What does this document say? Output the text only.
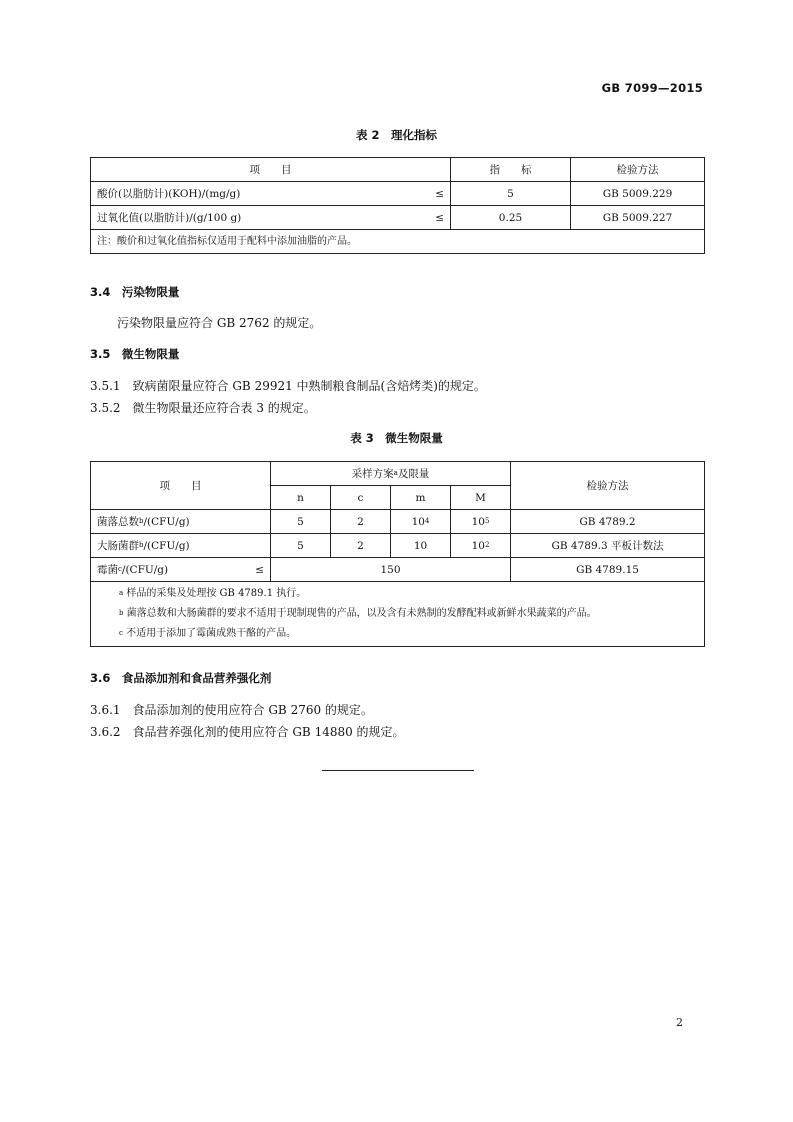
GB 7099—2015
表 2　理化指标
项　　目	指　　标	检验方法
酸价(以脂肪计)(KOH)/(mg/g) ≤	5	GB 5009.229
过氧化值(以脂肪计)/(g/100 g) ≤	0.25	GB 5009.227
注：酸价和过氧化值指标仅适用于配料中添加油脂的产品。		
3.4　污染物限量
污染物限量应符合 GB 2762 的规定。
3.5　微生物限量
3.5.1　致病菌限量应符合 GB 29921 中熟制粮食制品(含焙烤类)的规定。
3.5.2　微生物限量还应符合表 3 的规定。
表 3　微生物限量
项　　目	采样方案$^a$及限量				检验方法
	n	c	m	M	
菌落总数$^b$/(CFU/g)	5	2	$10^4$	$10^5$	GB 4789.2
大肠菌群$^b$/(CFU/g)	5	2	10	$10^2$	GB 4789.3 平板计数法
霉菌$^c$/(CFU/g) ≤	150				GB 4789.15

$^a$ 样品的采集及处理按 GB 4789.1 执行。
$^b$ 菌落总数和大肠菌群的要求不适用于现制现售的产品，以及含有未熟制的发酵配料或新鲜水果蔬菜的产品。
$^c$ 不适用于添加了霉菌成熟干酪的产品。					
3.6　食品添加剂和食品营养强化剂
3.6.1　食品添加剂的使用应符合 GB 2760 的规定。
3.6.2　食品营养强化剂的使用应符合 GB 14880 的规定。
2
